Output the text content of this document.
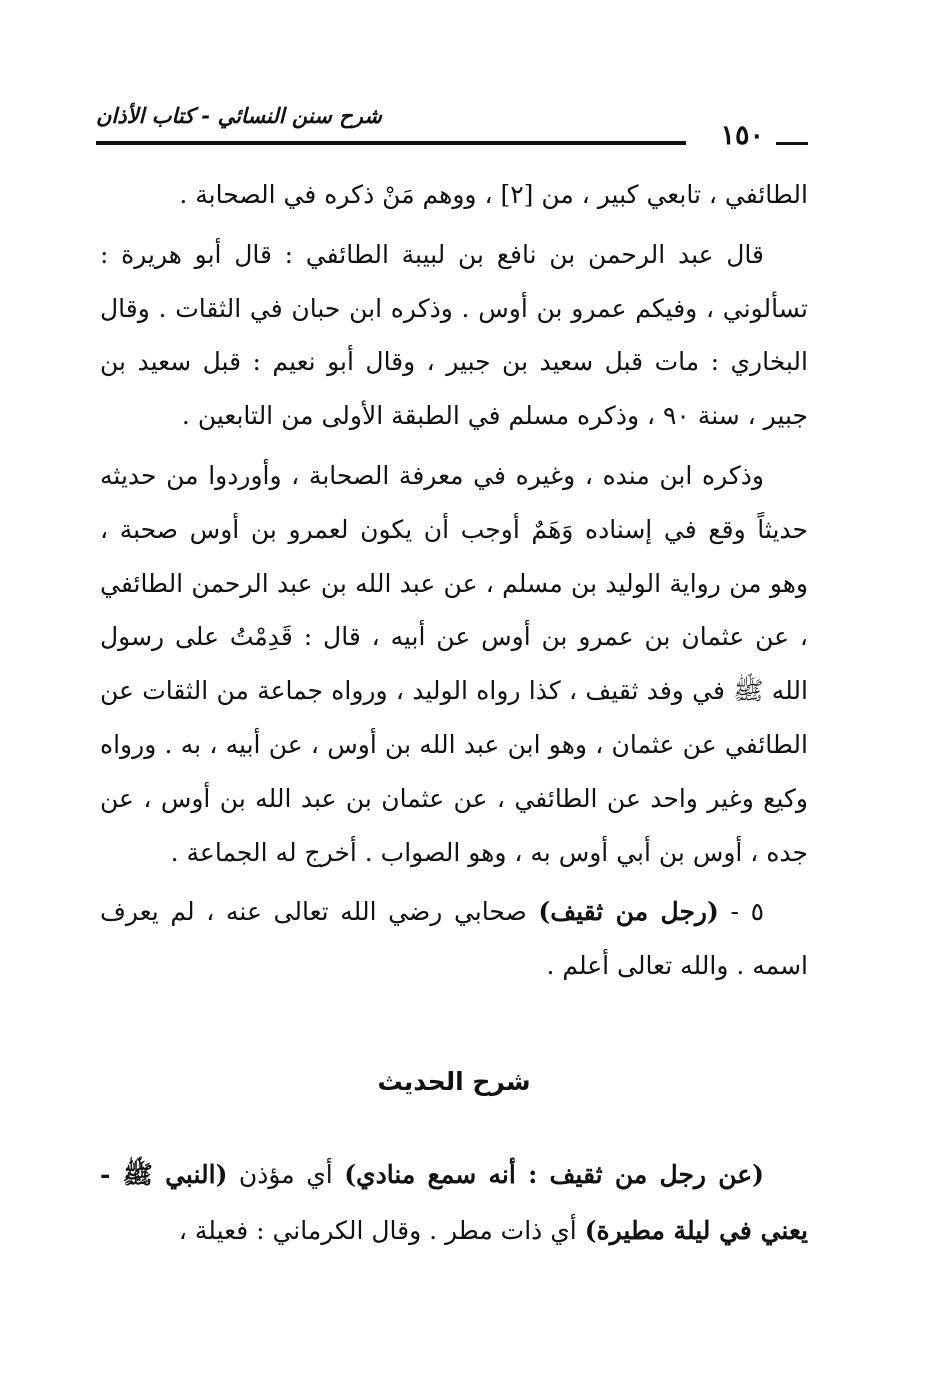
شرح سنن النسائي - كتاب الأذان
١٥٠

الطائفي ، تابعي كبير ، من [٢] ، ووهم مَنْ ذكره في الصحابة .

قال عبد الرحمن بن نافع بن لبيبة الطائفي : قال أبو هريرة : تسألوني ، وفيكم عمرو بن أوس . وذكره ابن حبان في الثقات . وقال البخاري : مات قبل سعيد بن جبير ، وقال أبو نعيم : قبل سعيد بن جبير ، سنة ٩٠ ، وذكره مسلم في الطبقة الأولى من التابعين .

وذكره ابن منده ، وغيره في معرفة الصحابة ، وأوردوا من حديثه حديثاً وقع في إسناده وَهَمٌ أوجب أن يكون لعمرو بن أوس صحبة ، وهو من رواية الوليد بن مسلم ، عن عبد الله بن عبد الرحمن الطائفي ، عن عثمان بن عمرو بن أوس عن أبيه ، قال : قَدِمْتُ على رسول الله ﷺ في وفد ثقيف ، كذا رواه الوليد ، ورواه جماعة من الثقات عن الطائفي عن عثمان ، وهو ابن عبد الله بن أوس ، عن أبيه ، به . ورواه وكيع وغير واحد عن الطائفي ، عن عثمان بن عبد الله بن أوس ، عن جده ، أوس بن أبي أوس به ، وهو الصواب . أخرج له الجماعة .

٥ - (رجل من ثقيف) صحابي رضي الله تعالى عنه ، لم يعرف اسمه . والله تعالى أعلم .

شرح الحديث

(عن رجل من ثقيف : أنه سمع منادي) أي مؤذن (النبي ﷺ - يعني في ليلة مطيرة) أي ذات مطر . وقال الكرماني : فعيلة ،
